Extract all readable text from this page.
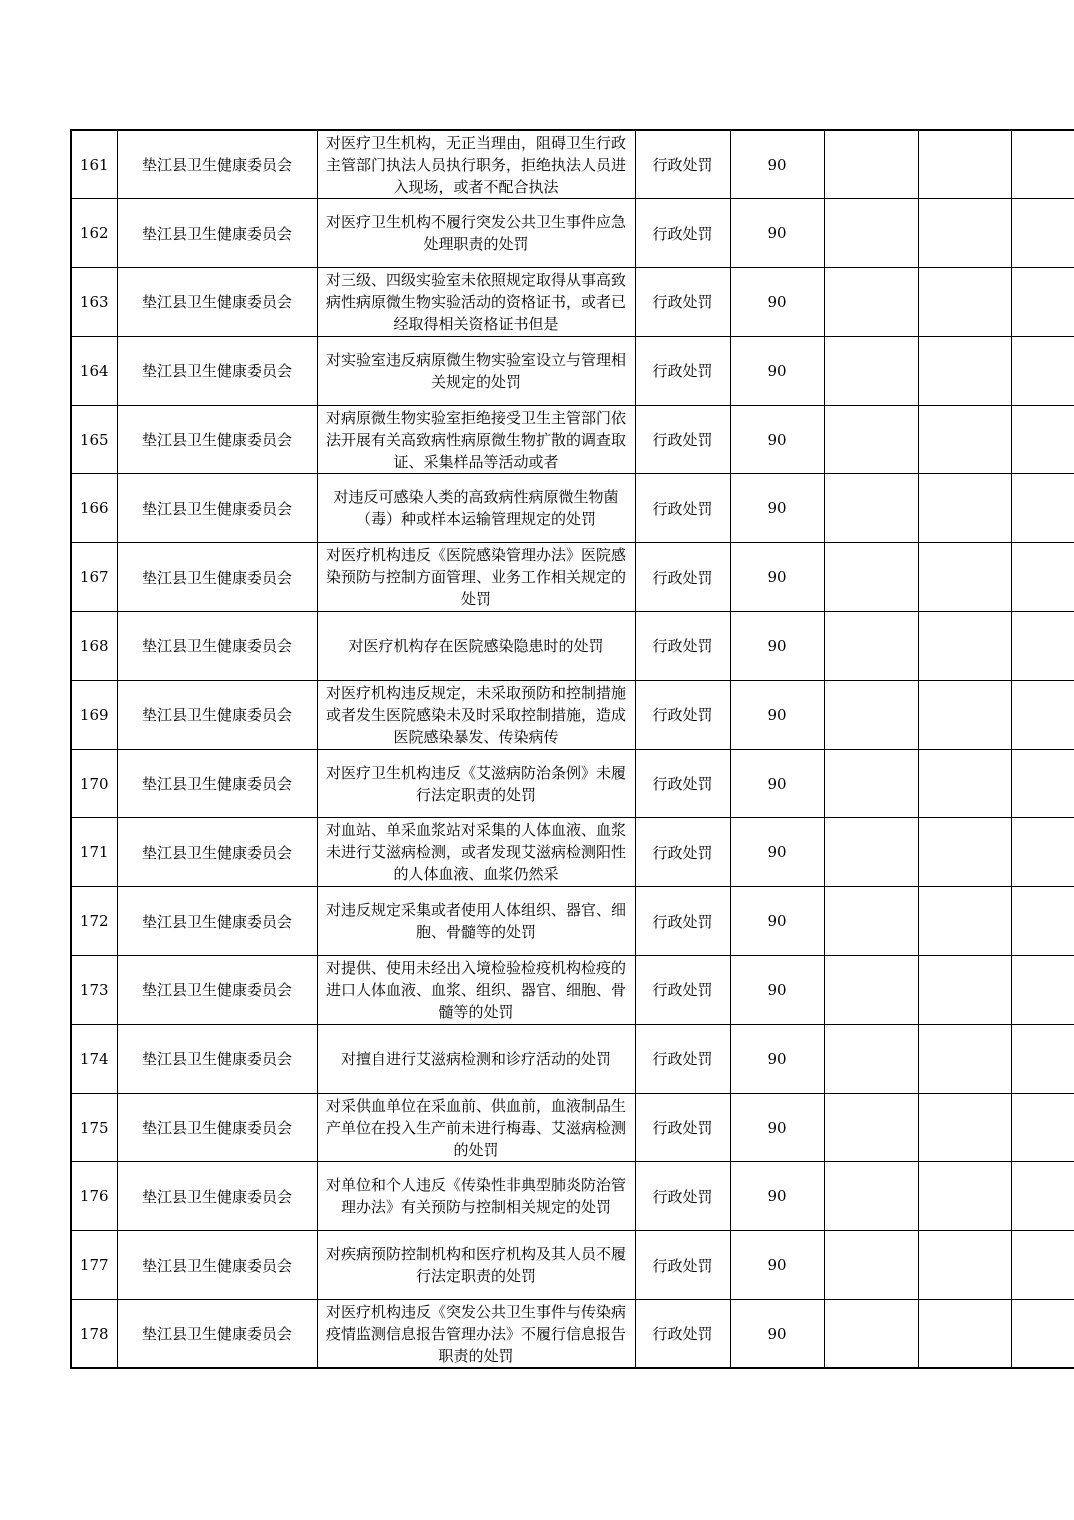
161	垫江县卫生健康委员会	对医疗卫生机构，无正当理由，阻碍卫生行政主管部门执法人员执行职务，拒绝执法人员进入现场，或者不配合执法	行政处罚	90			
162	垫江县卫生健康委员会	对医疗卫生机构不履行突发公共卫生事件应急处理职责的处罚	行政处罚	90			
163	垫江县卫生健康委员会	对三级、四级实验室未依照规定取得从事高致病性病原微生物实验活动的资格证书，或者已经取得相关资格证书但是	行政处罚	90			
164	垫江县卫生健康委员会	对实验室违反病原微生物实验室设立与管理相关规定的处罚	行政处罚	90			
165	垫江县卫生健康委员会	对病原微生物实验室拒绝接受卫生主管部门依法开展有关高致病性病原微生物扩散的调查取证、采集样品等活动或者	行政处罚	90			
166	垫江县卫生健康委员会	对违反可感染人类的高致病性病原微生物菌（毒）种或样本运输管理规定的处罚	行政处罚	90			
167	垫江县卫生健康委员会	对医疗机构违反《医院感染管理办法》医院感染预防与控制方面管理、业务工作相关规定的处罚	行政处罚	90			
168	垫江县卫生健康委员会	对医疗机构存在医院感染隐患时的处罚	行政处罚	90			
169	垫江县卫生健康委员会	对医疗机构违反规定，未采取预防和控制措施或者发生医院感染未及时采取控制措施，造成医院感染暴发、传染病传	行政处罚	90			
170	垫江县卫生健康委员会	对医疗卫生机构违反《艾滋病防治条例》未履行法定职责的处罚	行政处罚	90			
171	垫江县卫生健康委员会	对血站、单采血浆站对采集的人体血液、血浆未进行艾滋病检测，或者发现艾滋病检测阳性的人体血液、血浆仍然采	行政处罚	90			
172	垫江县卫生健康委员会	对违反规定采集或者使用人体组织、器官、细胞、骨髓等的处罚	行政处罚	90			
173	垫江县卫生健康委员会	对提供、使用未经出入境检验检疫机构检疫的进口人体血液、血浆、组织、器官、细胞、骨髓等的处罚	行政处罚	90			
174	垫江县卫生健康委员会	对擅自进行艾滋病检测和诊疗活动的处罚	行政处罚	90			
175	垫江县卫生健康委员会	对采供血单位在采血前、供血前，血液制品生产单位在投入生产前未进行梅毒、艾滋病检测的处罚	行政处罚	90			
176	垫江县卫生健康委员会	对单位和个人违反《传染性非典型肺炎防治管理办法》有关预防与控制相关规定的处罚	行政处罚	90			
177	垫江县卫生健康委员会	对疾病预防控制机构和医疗机构及其人员不履行法定职责的处罚	行政处罚	90			
178	垫江县卫生健康委员会	对医疗机构违反《突发公共卫生事件与传染病疫情监测信息报告管理办法》不履行信息报告职责的处罚	行政处罚	90			
